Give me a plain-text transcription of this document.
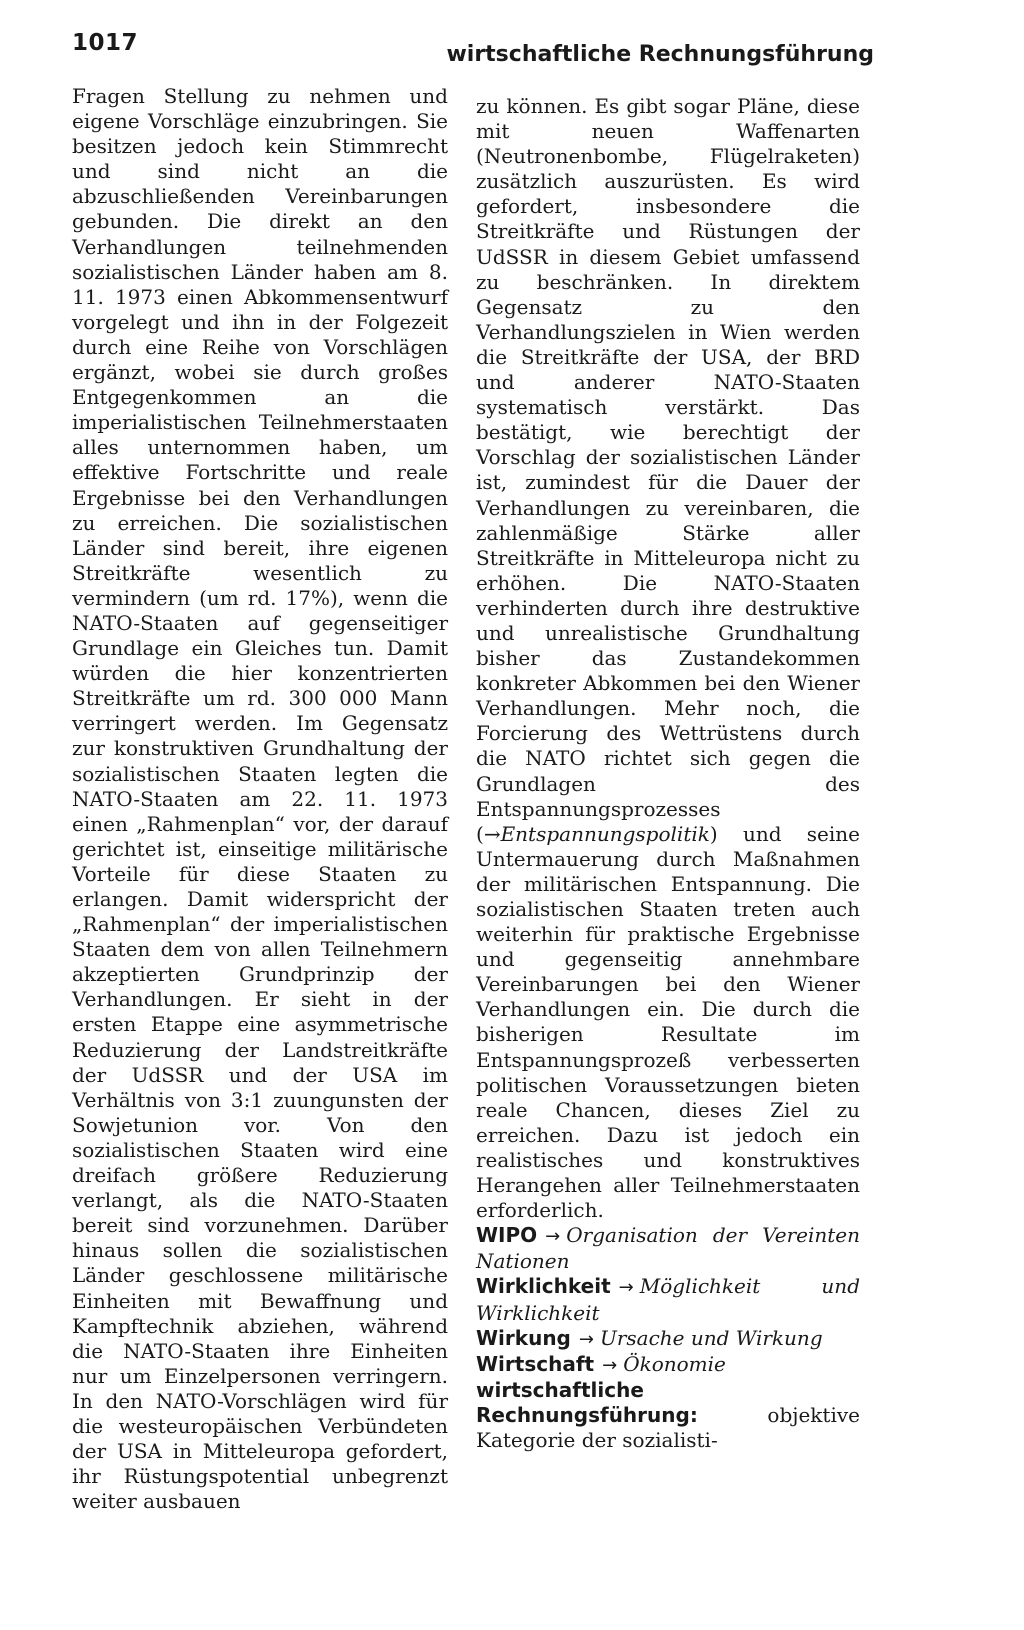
1017	wirtschaftliche Rechnungsführung

Fragen Stellung zu nehmen und eigene Vorschläge einzubringen. Sie besitzen jedoch kein Stimmrecht und sind nicht an die abzuschließenden Vereinbarungen gebunden. Die direkt an den Verhandlungen teilnehmenden sozialistischen Länder haben am 8. 11. 1973 einen Abkommensentwurf vorgelegt und ihn in der Folgezeit durch eine Reihe von Vorschlägen ergänzt, wobei sie durch großes Entgegenkommen an die imperialistischen Teilnehmerstaaten alles unternommen haben, um effektive Fortschritte und reale Ergebnisse bei den Verhandlungen zu erreichen. Die sozialistischen Länder sind bereit, ihre eigenen Streitkräfte wesentlich zu vermindern (um rd. 17%), wenn die NATO-Staaten auf gegenseitiger Grundlage ein Gleiches tun. Damit würden die hier konzentrierten Streitkräfte um rd. 300 000 Mann verringert werden. Im Gegensatz zur konstruktiven Grundhaltung der sozialistischen Staaten legten die NATO-Staaten am 22. 11. 1973 einen „Rahmenplan“ vor, der darauf gerichtet ist, einseitige militärische Vorteile für diese Staaten zu erlangen. Damit widerspricht der „Rahmenplan“ der imperialistischen Staaten dem von allen Teilnehmern akzeptierten Grundprinzip der Verhandlungen. Er sieht in der ersten Etappe eine asymmetrische Reduzierung der Landstreitkräfte der UdSSR und der USA im Verhältnis von 3:1 zuungunsten der Sowjetunion vor. Von den sozialistischen Staaten wird eine dreifach größere Reduzierung verlangt, als die NATO-Staaten bereit sind vorzunehmen. Darüber hinaus sollen die sozialistischen Länder geschlossene militärische Einheiten mit Bewaffnung und Kampftechnik abziehen, während die NATO-Staaten ihre Einheiten nur um Einzelpersonen verringern. In den NATO-Vorschlägen wird für die westeuropäischen Verbündeten der USA in Mitteleuropa gefordert, ihr Rüstungspotential unbegrenzt weiter ausbauen

zu können. Es gibt sogar Pläne, diese mit neuen Waffenarten (Neutronenbombe, Flügelraketen) zusätzlich auszurüsten. Es wird gefordert, insbesondere die Streitkräfte und Rüstungen der UdSSR in diesem Gebiet umfassend zu beschränken. In direktem Gegensatz zu den Verhandlungszielen in Wien werden die Streitkräfte der USA, der BRD und anderer NATO-Staaten systematisch verstärkt. Das bestätigt, wie berechtigt der Vorschlag der sozialistischen Länder ist, zumindest für die Dauer der Verhandlungen zu vereinbaren, die zahlenmäßige Stärke aller Streitkräfte in Mitteleuropa nicht zu erhöhen. Die NATO-Staaten verhinderten durch ihre destruktive und unrealistische Grundhaltung bisher das Zustandekommen konkreter Abkommen bei den Wiener Verhandlungen. Mehr noch, die Forcierung des Wettrüstens durch die NATO richtet sich gegen die Grundlagen des Entspannungsprozesses (→Entspannungspolitik) und seine Untermauerung durch Maßnahmen der militärischen Entspannung. Die sozialistischen Staaten treten auch weiterhin für praktische Ergebnisse und gegenseitig annehmbare Vereinbarungen bei den Wiener Verhandlungen ein. Die durch die bisherigen Resultate im Entspannungsprozeß verbesserten politischen Voraussetzungen bieten reale Chancen, dieses Ziel zu erreichen. Dazu ist jedoch ein realistisches und konstruktives Herangehen aller Teilnehmerstaaten erforderlich.

WIPO → Organisation der Vereinten Nationen

Wirklichkeit → Möglichkeit und Wirklichkeit

Wirkung → Ursache und Wirkung

Wirtschaft → Ökonomie

wirtschaftliche Rechnungsführung:	objektive Kategorie der sozialisti-
